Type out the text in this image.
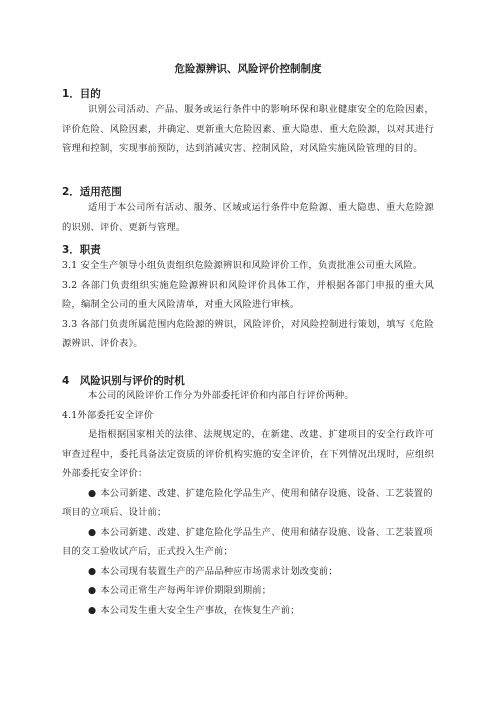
危险源辨识、风险评价控制制度

1．目的

识别公司活动、产品、服务或运行条件中的影响环保和职业健康安全的危险因素，评价危险、风险因素，并确定、更新重大危险因素、重大隐患、重大危险源，以对其进行管理和控制，实现事前预防，达到消减灾害、控制风险，对风险实施风险管理的目的。

2．适用范围

适用于本公司所有活动、服务、区域或运行条件中危险源、重大隐患、重大危险源的识别、评价、更新与管理。

3．职责

3.1 安全生产领导小组负责组织危险源辨识和风险评价工作，负责批准公司重大风险。

3.2 各部门负责组织实施危险源辨识和风险评价具体工作，并根据各部门申报的重大风险，编制全公司的重大风险清单，对重大风险进行审核。

3.3 各部门负责所属范围内危险源的辨识，风险评价，对风险控制进行策划，填写《危险源辨识、评价表》。

4　风险识别与评价的时机

本公司的风险评价工作分为外部委托评价和内部自行评价两种。

4.1外部委托安全评价

是指根据国家相关的法律、法规规定的，在新建、改建、扩建项目的安全行政许可审查过程中，委托具备法定资质的评价机构实施的安全评价，在下列情况出现时，应组织外部委托安全评价：

● 本公司新建、改建、扩建危险化学品生产、使用和储存设施、设备、工艺装置的项目的立项后、设计前；

● 本公司新建、改建、扩建危险化学品生产、使用和储存设施、设备、工艺装置项目的交工验收试产后，正式投入生产前；

● 本公司现有装置生产的产品品种应市场需求计划改变前；

● 本公司正常生产每两年评价期限到期前；

● 本公司发生重大安全生产事故，在恢复生产前；
